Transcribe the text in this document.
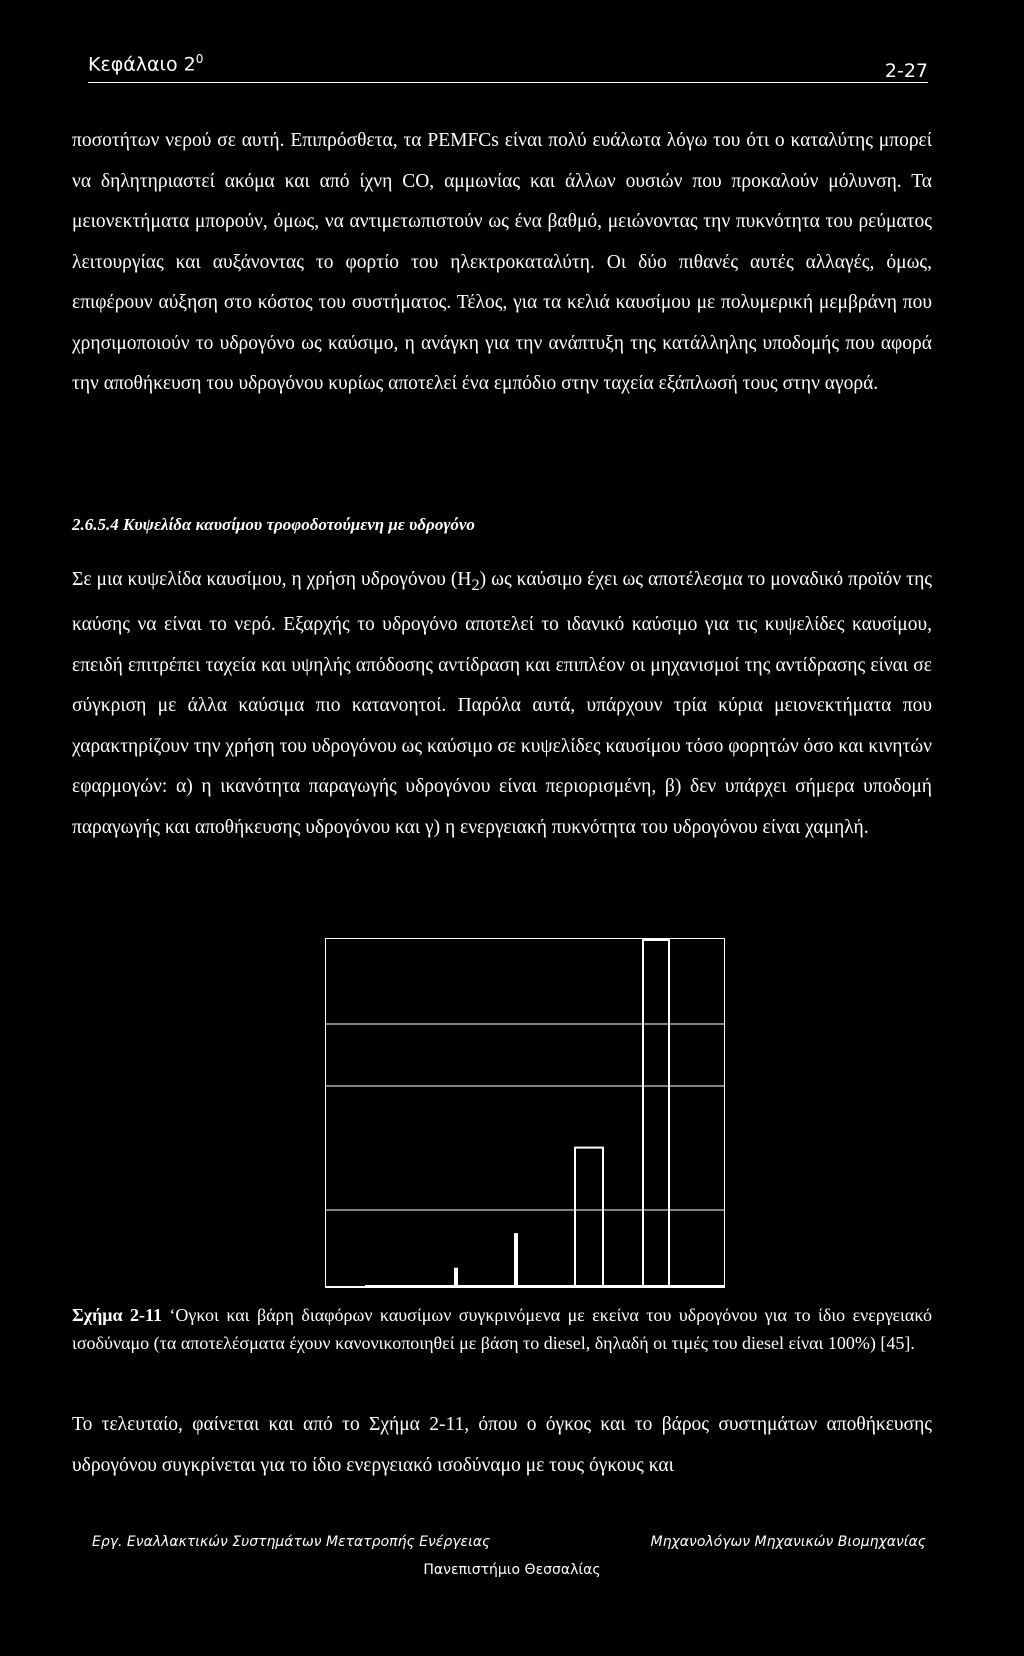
Κεφάλαιο $2^0$
2-27

ποσοτήτων νερού σε αυτή. Επιπρόσθετα, τα PEMFCs είναι πολύ ευάλωτα λόγω του ότι ο καταλύτης μπορεί να δηλητηριαστεί ακόμα και από ίχνη CO, αμμωνίας και άλλων ουσιών που προκαλούν μόλυνση. Τα μειονεκτήματα μπορούν, όμως, να αντιμετωπιστούν ως ένα βαθμό, μειώνοντας την πυκνότητα του ρεύματος λειτουργίας και αυξάνοντας το φορτίο του ηλεκτροκαταλύτη. Οι δύο πιθανές αυτές αλλαγές, όμως, επιφέρουν αύξηση στο κόστος του συστήματος. Τέλος, για τα κελιά καυσίμου με πολυμερική μεμβράνη που χρησιμοποιούν το υδρογόνο ως καύσιμο, η ανάγκη για την ανάπτυξη της κατάλληλης υποδομής που αφορά την αποθήκευση του υδρογόνου κυρίως αποτελεί ένα εμπόδιο στην ταχεία εξάπλωσή τους στην αγορά.

2.6.5.4 Κυψελίδα καυσίμου τροφοδοτούμενη με υδρογόνο

Σε μια κυψελίδα καυσίμου, η χρήση υδρογόνου $(H_2)$ ως καύσιμο έχει ως αποτέλεσμα το μοναδικό προϊόν της καύσης να είναι το νερό. Εξαρχής το υδρογόνο αποτελεί το ιδανικό καύσιμο για τις κυψελίδες καυσίμου, επειδή επιτρέπει ταχεία και υψηλής απόδοσης αντίδραση και επιπλέον οι μηχανισμοί της αντίδρασης είναι σε σύγκριση με άλλα καύσιμα πιο κατανοητοί. Παρόλα αυτά, υπάρχουν τρία κύρια μειονεκτήματα που χαρακτηρίζουν την χρήση του υδρογόνου ως καύσιμο σε κυψελίδες καυσίμου τόσο φορητών όσο και κινητών εφαρμογών: α) η ικανότητα παραγωγής υδρογόνου είναι περιορισμένη, β) δεν υπάρχει σήμερα υποδομή παραγωγής και αποθήκευσης υδρογόνου και γ) η ενεργειακή πυκνότητα του υδρογόνου είναι χαμηλή.

Σχήμα 2-11 ‘Ογκοι και βάρη διαφόρων καυσίμων συγκρινόμενα με εκείνα του υδρογόνου για το ίδιο ενεργειακό ισοδύναμο (τα αποτελέσματα έχουν κανονικοποιηθεί με βάση το diesel, δηλαδή οι τιμές του diesel είναι 100%) [45].

Το τελευταίο, φαίνεται και από το Σχήμα 2-11, όπου ο όγκος και το βάρος συστημάτων αποθήκευσης υδρογόνου συγκρίνεται για το ίδιο ενεργειακό ισοδύναμο με τους όγκους και

Εργ. Εναλλακτικών Συστημάτων Μετατροπής Ενέργειας	Μηχανολόγων Μηχανικών Βιομηχανίας
Πανεπιστήμιο Θεσσαλίας
